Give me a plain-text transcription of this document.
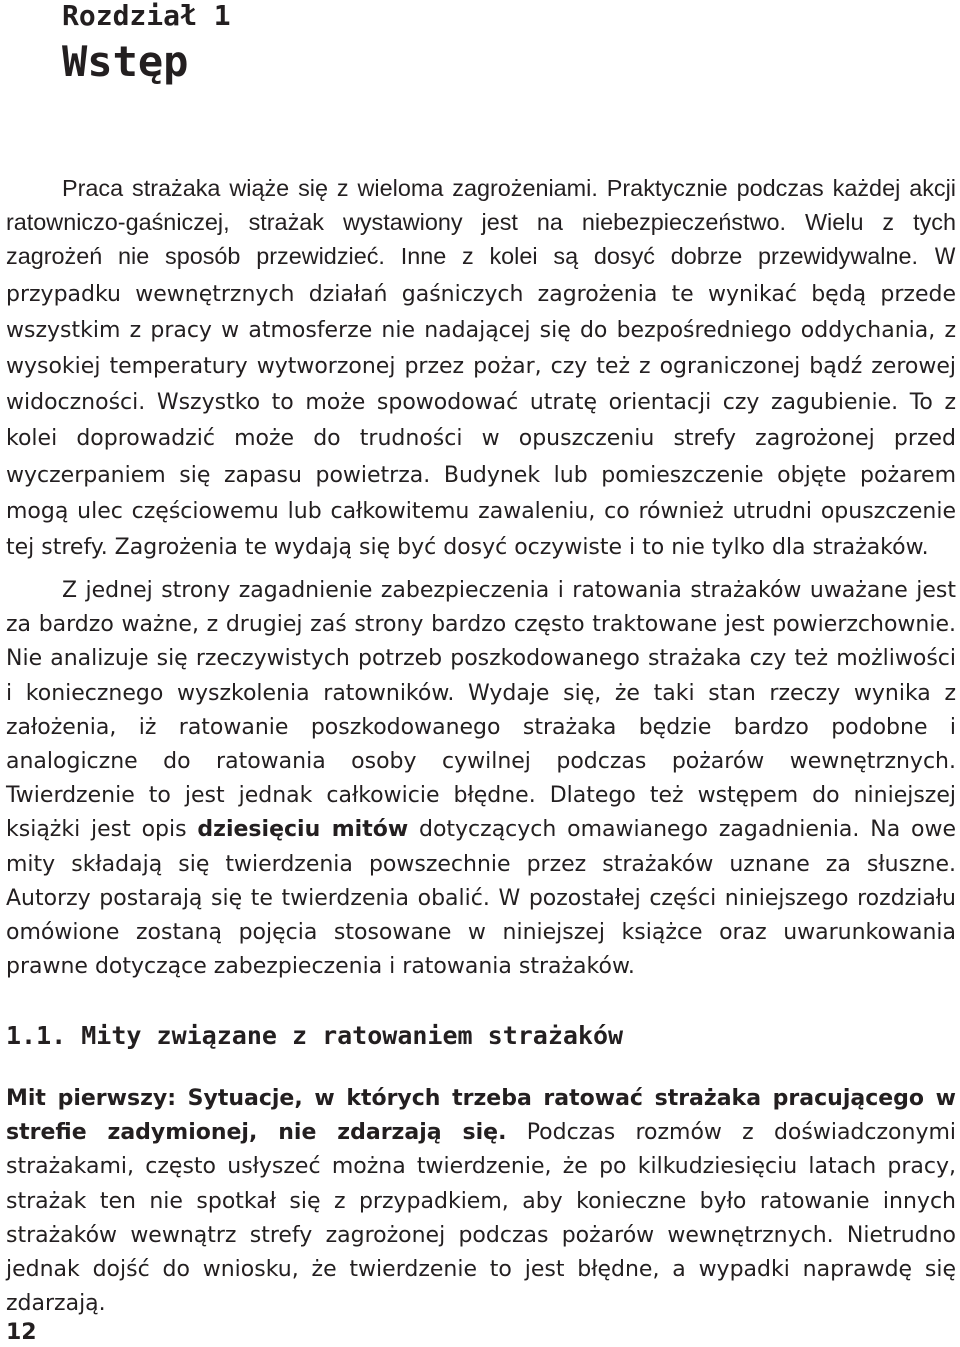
Rozdział 1
Wstęp

Praca strażaka wiąże się z wieloma zagrożeniami. Praktycznie podczas każdej akcji ratowniczo-gaśniczej, strażak wystawiony jest na niebezpieczeństwo. Wielu z tych zagrożeń nie sposób przewidzieć. Inne z kolei są dosyć dobrze przewidywalne. W przypadku wewnętrznych działań gaśniczych zagrożenia te wynikać będą przede wszystkim z pracy w atmosferze nie nadającej się do bezpośredniego oddychania, z wysokiej temperatury wytworzonej przez pożar, czy też z ograniczonej bądź zerowej widoczności. Wszystko to może spowodować utratę orientacji czy zagubienie. To z kolei doprowadzić może do trudności w opuszczeniu strefy zagrożonej przed wyczerpaniem się zapasu powietrza. Budynek lub pomieszczenie objęte pożarem mogą ulec częściowemu lub całkowitemu zawaleniu, co również utrudni opuszczenie tej strefy. Zagrożenia te wydają się być dosyć oczywiste i to nie tylko dla strażaków.

Z jednej strony zagadnienie zabezpieczenia i ratowania strażaków uważane jest za bardzo ważne, z drugiej zaś strony bardzo często traktowane jest powierzchownie. Nie analizuje się rzeczywistych potrzeb poszkodowanego strażaka czy też możliwości i koniecznego wyszkolenia ratowników. Wydaje się, że taki stan rzeczy wynika z założenia, iż ratowanie poszkodowanego strażaka będzie bardzo podobne i analogiczne do ratowania osoby cywilnej podczas pożarów wewnętrznych. Twierdzenie to jest jednak całkowicie błędne. Dlatego też wstępem do niniejszej książki jest opis dziesięciu mitów dotyczących omawianego zagadnienia. Na owe mity składają się twierdzenia powszechnie przez strażaków uznane za słuszne. Autorzy postarają się te twierdzenia obalić. W pozostałej części niniejszego rozdziału omówione zostaną pojęcia stosowane w niniejszej książce oraz uwarunkowania prawne dotyczące zabezpieczenia i ratowania strażaków.

1.1. Mity związane z ratowaniem strażaków

Mit pierwszy: Sytuacje, w których trzeba ratować strażaka pracującego w strefie zadymionej, nie zdarzają się. Podczas rozmów z doświadczonymi strażakami, często usłyszeć można twierdzenie, że po kilkudziesięciu latach pracy, strażak ten nie spotkał się z przypadkiem, aby konieczne było ratowanie innych strażaków wewnątrz strefy zagrożonej podczas pożarów wewnętrznych. Nietrudno jednak dojść do wniosku, że twierdzenie to jest błędne, a wypadki naprawdę się zdarzają.

12
